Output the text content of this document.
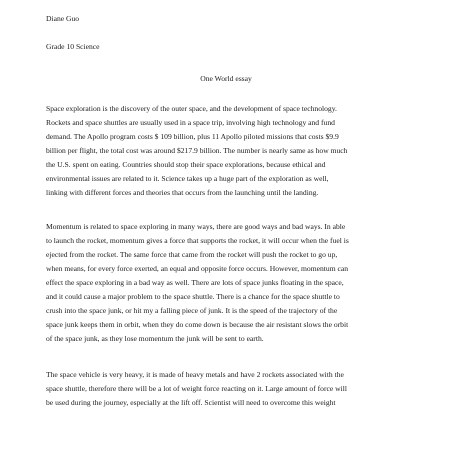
Diane Guo
Grade 10 Science
One World essay
Space exploration is the discovery of the outer space, and the development of space technology.
Rockets and space shuttles are usually used in a space trip, involving high technology and fund
demand. The Apollo program costs $ 109 billion, plus 11 Apollo piloted missions that costs $9.9
billion per flight, the total cost was around $217.9 billion. The number is nearly same as how much
the U.S. spent on eating. Countries should stop their space explorations, because ethical and
environmental issues are related to it. Science takes up a huge part of the exploration as well,
linking with different forces and theories that occurs from the launching until the landing.
Momentum is related to space exploring in many ways, there are good ways and bad ways. In able
to launch the rocket, momentum gives a force that supports the rocket, it will occur when the fuel is
ejected from the rocket. The same force that came from the rocket will push the rocket to go up,
when means, for every force exerted, an equal and opposite force occurs. However, momentum can
effect the space exploring in a bad way as well. There are lots of space junks floating in the space,
and it could cause a major problem to the space shuttle. There is a chance for the space shuttle to
crush into the space junk, or hit my a falling piece of junk. It is the speed of the trajectory of the
space junk keeps them in orbit, when they do come down is because the air resistant slows the orbit
of the space junk, as they lose momentum the junk will be sent to earth.
The space vehicle is very heavy, it is made of heavy metals and have 2 rockets associated with the
space shuttle, therefore there will be a lot of weight force reacting on it. Large amount of force will
be used during the journey, especially at the lift off. Scientist will need to overcome this weight
